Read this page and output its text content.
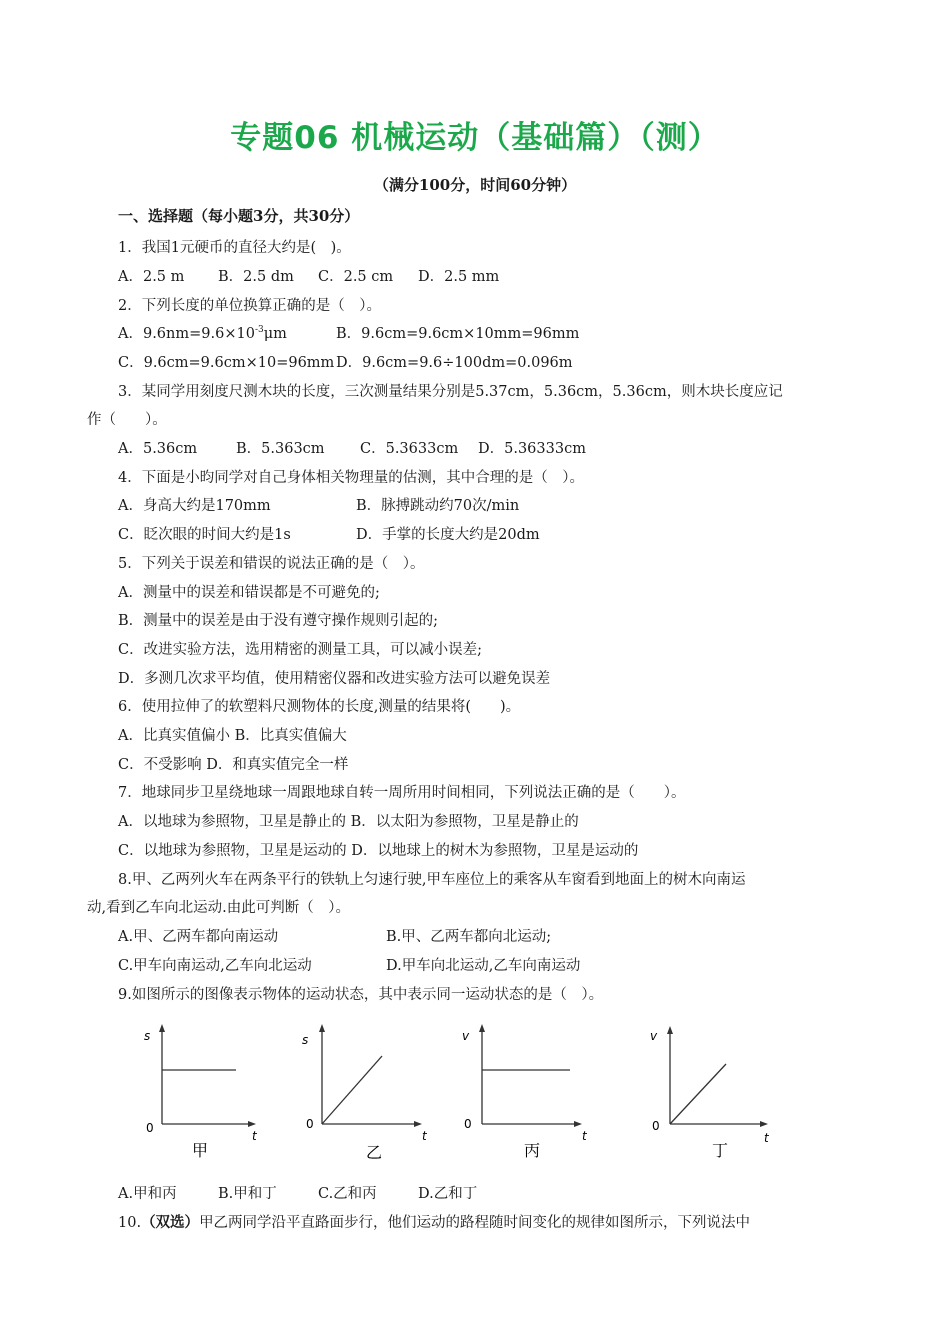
专题06 机械运动（基础篇）（测）
（满分100分，时间60分钟）
一、选择题（每小题3分，共30分）
1．我国1元硬币的直径大约是(　)。
A．2.5 m B．2.5 dm C．2.5 cm D．2.5 mm
2．下列长度的单位换算正确的是（　）。
A．$9.6nm=9.6\times 10^{-3}\mu m$	B．9.6cm=9.6cm×10mm=96mm
C．9.6cm=9.6cm×10=96mm D．9.6cm=9.6÷100dm=0.096m
3．某同学用刻度尺测木块的长度，三次测量结果分别是5.37cm，5.36cm，5.36cm，则木块长度应记
作（　　）。
A．5.36cm	B．5.363cm C．5.3633cm D．5.36333cm
4．下面是小昀同学对自己身体相关物理量的估测，其中合理的是（　）。
A．身高大约是170mm	B．脉搏跳动约70次/min
C．眨次眼的时间大约是1s	D．手掌的长度大约是20dm
5．下列关于误差和错误的说法正确的是（　）。
A．测量中的误差和错误都是不可避免的;
B．测量中的误差是由于没有遵守操作规则引起的;
C．改进实验方法，选用精密的测量工具，可以减小误差;
D．多测几次求平均值，使用精密仪器和改进实验方法可以避免误差
6．使用拉伸了的软塑料尺测物体的长度,测量的结果将(　　)。
A．比真实值偏小 B．比真实值偏大
C．不受影响 D．和真实值完全一样
7．地球同步卫星绕地球一周跟地球自转一周所用时间相同，下列说法正确的是（　　）。
A．以地球为参照物，卫星是静止的 B．以太阳为参照物，卫星是静止的
C．以地球为参照物，卫星是运动的 D．以地球上的树木为参照物，卫星是运动的
8.甲、乙两列火车在两条平行的铁轨上匀速行驶,甲车座位上的乘客从车窗看到地面上的树木向南运
动,看到乙车向北运动.由此可判断（　）。
A.甲、乙两车都向南运动	B.甲、乙两车都向北运动;
C.甲车向南运动,乙车向北运动	D.甲车向北运动,乙车向南运动
9.如图所示的图像表示物体的运动状态，其中表示同一运动状态的是（　）。
s
0
t
甲
s
0
t
乙
v
0
t
丙
v
0
t
丁
A.甲和丙	B.甲和丁	C.乙和丙	D.乙和丁
10.（双选）甲乙两同学沿平直路面步行，他们运动的路程随时间变化的规律如图所示，下列说法中
